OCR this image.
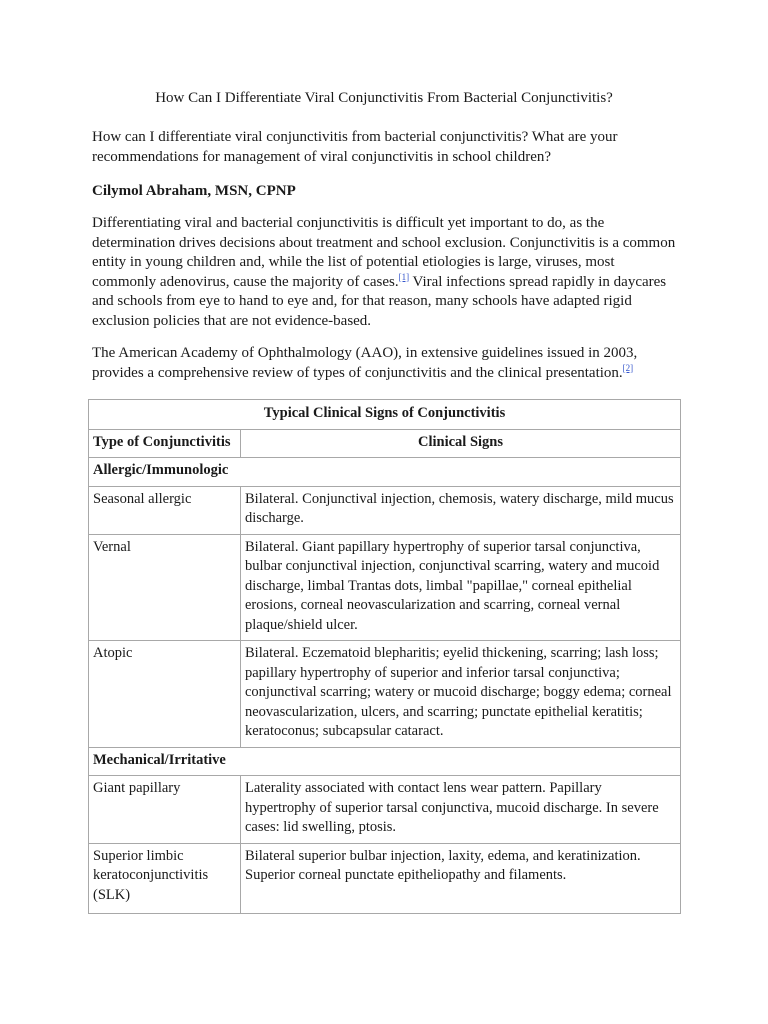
How Can I Differentiate Viral Conjunctivitis From Bacterial Conjunctivitis?
How can I differentiate viral conjunctivitis from bacterial conjunctivitis? What are your recommendations for management of viral conjunctivitis in school children?
Cilymol Abraham, MSN, CPNP
Differentiating viral and bacterial conjunctivitis is difficult yet important to do, as the determination drives decisions about treatment and school exclusion. Conjunctivitis is a common entity in young children and, while the list of potential etiologies is large, viruses, most commonly adenovirus, cause the majority of cases.[1] Viral infections spread rapidly in daycares and schools from eye to hand to eye and, for that reason, many schools have adapted rigid exclusion policies that are not evidence-based.
The American Academy of Ophthalmology (AAO), in extensive guidelines issued in 2003, provides a comprehensive review of types of conjunctivitis and the clinical presentation.[2]
Typical Clinical Signs of Conjunctivitis	
Type of Conjunctivitis	Clinical Signs
Allergic/Immunologic	
Seasonal allergic	Bilateral. Conjunctival injection, chemosis, watery discharge, mild mucus discharge.
Vernal	Bilateral. Giant papillary hypertrophy of superior tarsal conjunctiva, bulbar conjunctival injection, conjunctival scarring, watery and mucoid discharge, limbal Trantas dots, limbal "papillae," corneal epithelial erosions, corneal neovascularization and scarring, corneal vernal plaque/shield ulcer.
Atopic	Bilateral. Eczematoid blepharitis; eyelid thickening, scarring; lash loss; papillary hypertrophy of superior and inferior tarsal conjunctiva; conjunctival scarring; watery or mucoid discharge; boggy edema; corneal neovascularization, ulcers, and scarring; punctate epithelial keratitis; keratoconus; subcapsular cataract.
Mechanical/Irritative	
Giant papillary	Laterality associated with contact lens wear pattern. Papillary hypertrophy of superior tarsal conjunctiva, mucoid discharge. In severe cases: lid swelling, ptosis.
Superior limbic keratoconjunctivitis (SLK)	Bilateral superior bulbar injection, laxity, edema, and keratinization. Superior corneal punctate epitheliopathy and filaments.
